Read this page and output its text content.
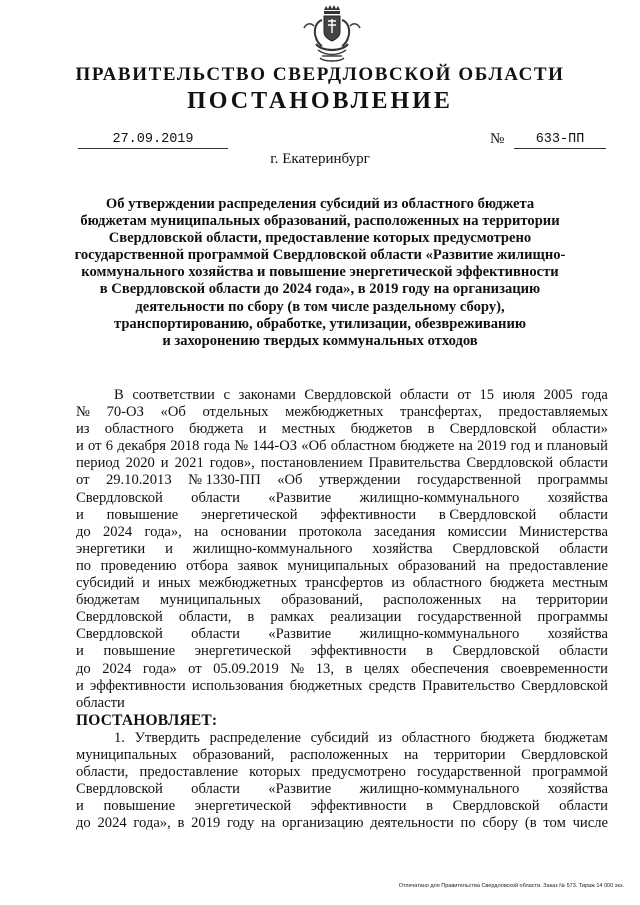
ПРАВИТЕЛЬСТВО СВЕРДЛОВСКОЙ ОБЛАСТИ
ПОСТАНОВЛЕНИЕ
27.09.2019	№	633-ПП
г. Екатеринбург
Об утверждении распределения субсидий из областного бюджета
бюджетам муниципальных образований, расположенных на территории
Свердловской области, предоставление которых предусмотрено
государственной программой Свердловской области «Развитие жилищно-
коммунального хозяйства и повышение энергетической эффективности
в Свердловской области до 2024 года», в 2019 году на организацию
деятельности по сбору (в том числе раздельному сбору),
транспортированию, обработке, утилизации, обезвреживанию
и захоронению твердых коммунальных отходов
В соответствии с законами Свердловской области от 15 июля 2005 года
№ 70-ОЗ «Об отдельных межбюджетных трансфертах, предоставляемых
из областного бюджета и местных бюджетов в Свердловской области»
и от 6 декабря 2018 года № 144-ОЗ «Об областном бюджете на 2019 год и плановый
период 2020 и 2021 годов», постановлением Правительства Свердловской области
от 29.10.2013 № 1330-ПП «Об утверждении государственной программы
Свердловской области «Развитие жилищно-коммунального хозяйства
и повышение энергетической эффективности в Свердловской области
до 2024 года», на основании протокола заседания комиссии Министерства
энергетики и жилищно-коммунального хозяйства Свердловской области
по проведению отбора заявок муниципальных образований на предоставление
субсидий и иных межбюджетных трансфертов из областного бюджета местным
бюджетам муниципальных образований, расположенных на территории
Свердловской области, в рамках реализации государственной программы
Свердловской области «Развитие жилищно-коммунального хозяйства
и повышение энергетической эффективности в Свердловской области
до 2024 года» от 05.09.2019 № 13, в целях обеспечения своевременности
и эффективности использования бюджетных средств Правительство Свердловской
области
ПОСТАНОВЛЯЕТ:
1. Утвердить распределение субсидий из областного бюджета бюджетам
муниципальных образований, расположенных на территории Свердловской
области, предоставление которых предусмотрено государственной программой
Свердловской области «Развитие жилищно-коммунального хозяйства
и повышение энергетической эффективности в Свердловской области
до 2024 года», в 2019 году на организацию деятельности по сбору (в том числе
Отпечатано для Правительства Свердловской области. Заказ № 573. Тираж 14 000 экз.
